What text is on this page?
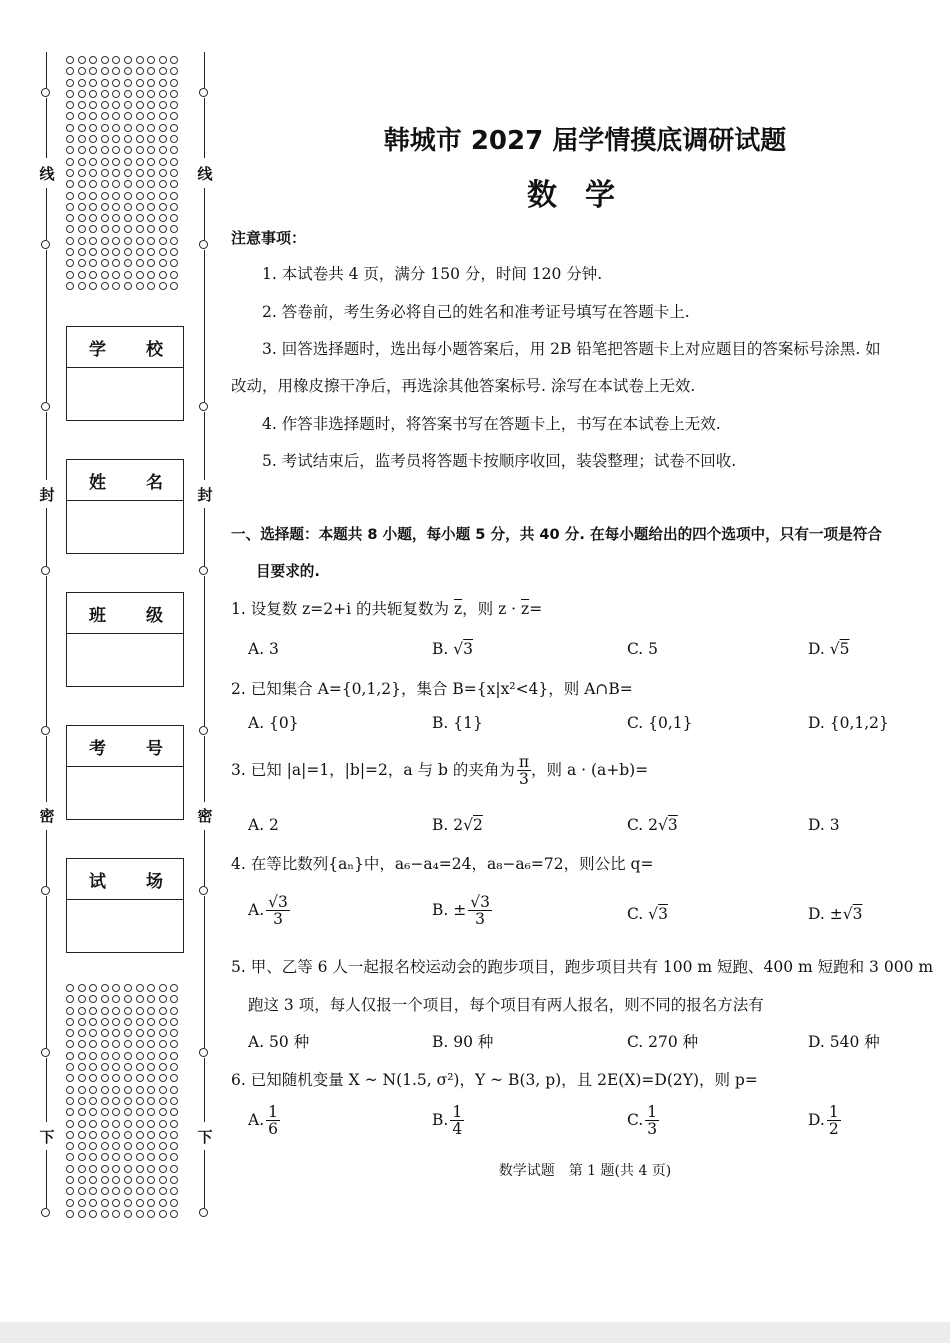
线
封
密
下
线
封
密
下
学 校
姓 名
班 级
考 号
试 场
韩城市 2027 届学情摸底调研试题
数学
注意事项：
1. 本试卷共 4 页，满分 150 分，时间 120 分钟.
2. 答卷前，考生务必将自己的姓名和准考证号填写在答题卡上.
3. 回答选择题时，选出每小题答案后，用 2B 铅笔把答题卡上对应题目的答案标号涂黑. 如
改动，用橡皮擦干净后，再选涂其他答案标号. 涂写在本试卷上无效.
4. 作答非选择题时，将答案书写在答题卡上，书写在本试卷上无效.
5. 考试结束后，监考员将答题卡按顺序收回，装袋整理；试卷不回收.
一、选择题：本题共 8 小题，每小题 5 分，共 40 分. 在每小题给出的四个选项中，只有一项是符合
目要求的.
1. 设复数 z=2+i 的共轭复数为 $\overline{z}$，则 $z \cdot \overline{z}=$
A. 3	B. √3	C. 5	D. √5
2. 已知集合 A={0,1,2}，集合 B={x|x²<4}，则 A∩B=
A. {0}	B. {1}	C. {0,1}	D. {0,1,2}
3. 已知 |a|=1，|b|=2，a 与 b 的夹角为 $\frac{\pi}{3}$ ，则 a · (a+b)=
A. 2	B. 2√2	C. 2√3	D. 3
4. 在等比数列{aₙ}中，a₆−a₄=24，a₈−a₆=72，则公比 q=
A. $\frac{√3}{3}$	B. ± $\frac{√3}{3}$	C. √3	D. ±√3
5. 甲、乙等 6 人一起报名校运动会的跑步项目，跑步项目共有 100 m 短跑、400 m 短跑和 3 000 m
跑这 3 项，每人仅报一个项目，每个项目有两人报名，则不同的报名方法有
A. 50 种	B. 90 种	C. 270 种	D. 540 种
6. 已知随机变量 X ~ N(1.5, σ²)，Y ~ B(3, p)，且 2E(X)=D(2Y)，则 p=
A. $\frac{1}{6}$	B. $\frac{1}{4}$	C. $\frac{1}{3}$	D. $\frac{1}{2}$
数学试题　第 1 题(共 4 页)
